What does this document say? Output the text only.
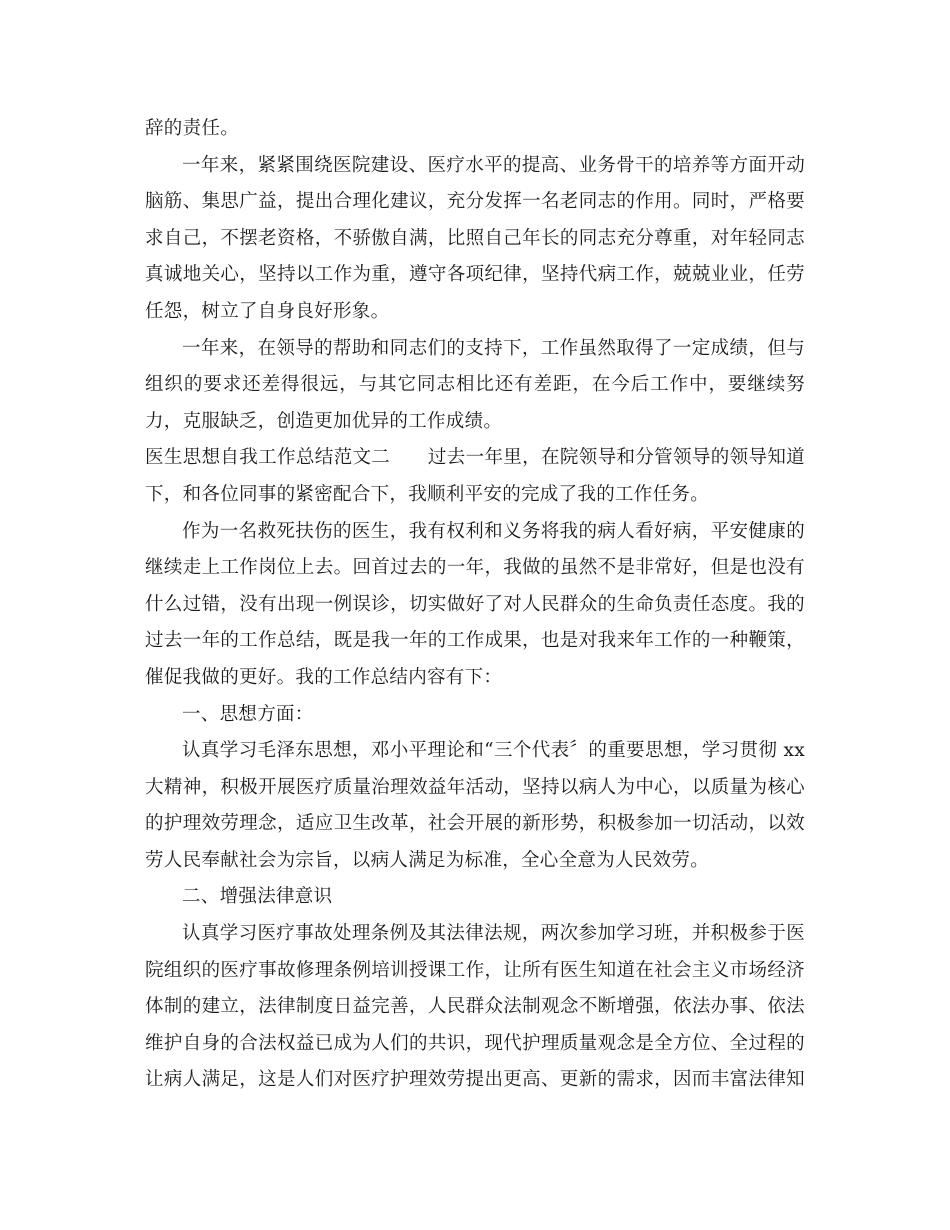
辞的责任。
一年来，紧紧围绕医院建设、医疗水平的提高、业务骨干的培养等方面开动
脑筋、集思广益，提出合理化建议，充分发挥一名老同志的作用。同时，严格要
求自己，不摆老资格，不骄傲自满，比照自己年长的同志充分尊重，对年轻同志
真诚地关心，坚持以工作为重，遵守各项纪律，坚持代病工作，兢兢业业，任劳
任怨，树立了自身良好形象。
一年来，在领导的帮助和同志们的支持下，工作虽然取得了一定成绩，但与
组织的要求还差得很远，与其它同志相比还有差距，在今后工作中，要继续努
力，克服缺乏，创造更加优异的工作成绩。
医生思想自我工作总结范文二　　过去一年里，在院领导和分管领导的领导知道
下，和各位同事的紧密配合下，我顺利平安的完成了我的工作任务。
作为一名救死扶伤的医生，我有权利和义务将我的病人看好病，平安健康的
继续走上工作岗位上去。回首过去的一年，我做的虽然不是非常好，但是也没有
什么过错，没有出现一例误诊，切实做好了对人民群众的生命负责任态度。我的
过去一年的工作总结，既是我一年的工作成果，也是对我来年工作的一种鞭策，
催促我做的更好。我的工作总结内容有下：
一、思想方面：
认真学习毛泽东思想，邓小平理论和“三个代表〞的重要思想，学习贯彻 xx
大精神，积极开展医疗质量治理效益年活动，坚持以病人为中心，以质量为核心
的护理效劳理念，适应卫生改革，社会开展的新形势，积极参加一切活动，以效
劳人民奉献社会为宗旨，以病人满足为标准，全心全意为人民效劳。
二、增强法律意识
认真学习医疗事故处理条例及其法律法规，两次参加学习班，并积极参于医
院组织的医疗事故修理条例培训授课工作，让所有医生知道在社会主义市场经济
体制的建立，法律制度日益完善，人民群众法制观念不断增强，依法办事、依法
维护自身的合法权益已成为人们的共识，现代护理质量观念是全方位、全过程的
让病人满足，这是人们对医疗护理效劳提出更高、更新的需求，因而丰富法律知
